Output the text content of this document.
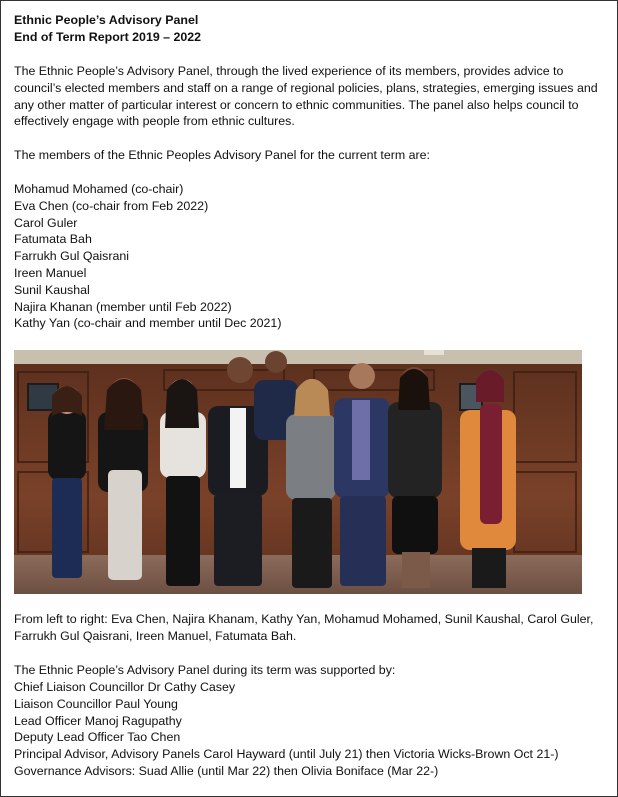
Ethnic People’s Advisory Panel

End of Term Report 2019 – 2022

The Ethnic People’s Advisory Panel, through the lived experience of its members, provides advice to council’s elected members and staff on a range of regional policies, plans, strategies, emerging issues and any other matter of particular interest or concern to ethnic communities. The panel also helps council to effectively engage with people from ethnic cultures.

The members of the Ethnic Peoples Advisory Panel for the current term are:

Mohamud Mohamed (co-chair)
Eva Chen (co-chair from Feb 2022)
Carol Guler
Fatumata Bah
Farrukh Gul Qaisrani
Ireen Manuel
Sunil Kaushal
Najira Khanan (member until Feb 2022)
Kathy Yan (co-chair and member until Dec 2021)

From left to right: Eva Chen, Najira Khanam, Kathy Yan, Mohamud Mohamed, Sunil Kaushal, Carol Guler, Farrukh Gul Qaisrani, Ireen Manuel, Fatumata Bah.

The Ethnic People’s Advisory Panel during its term was supported by:

Chief Liaison Councillor Dr Cathy Casey
Liaison Councillor Paul Young
Lead Officer Manoj Ragupathy
Deputy Lead Officer Tao Chen
Principal Advisor, Advisory Panels Carol Hayward (until July 21) then Victoria Wicks-Brown Oct 21-)
Governance Advisors: Suad Allie (until Mar 22) then Olivia Boniface (Mar 22-)
